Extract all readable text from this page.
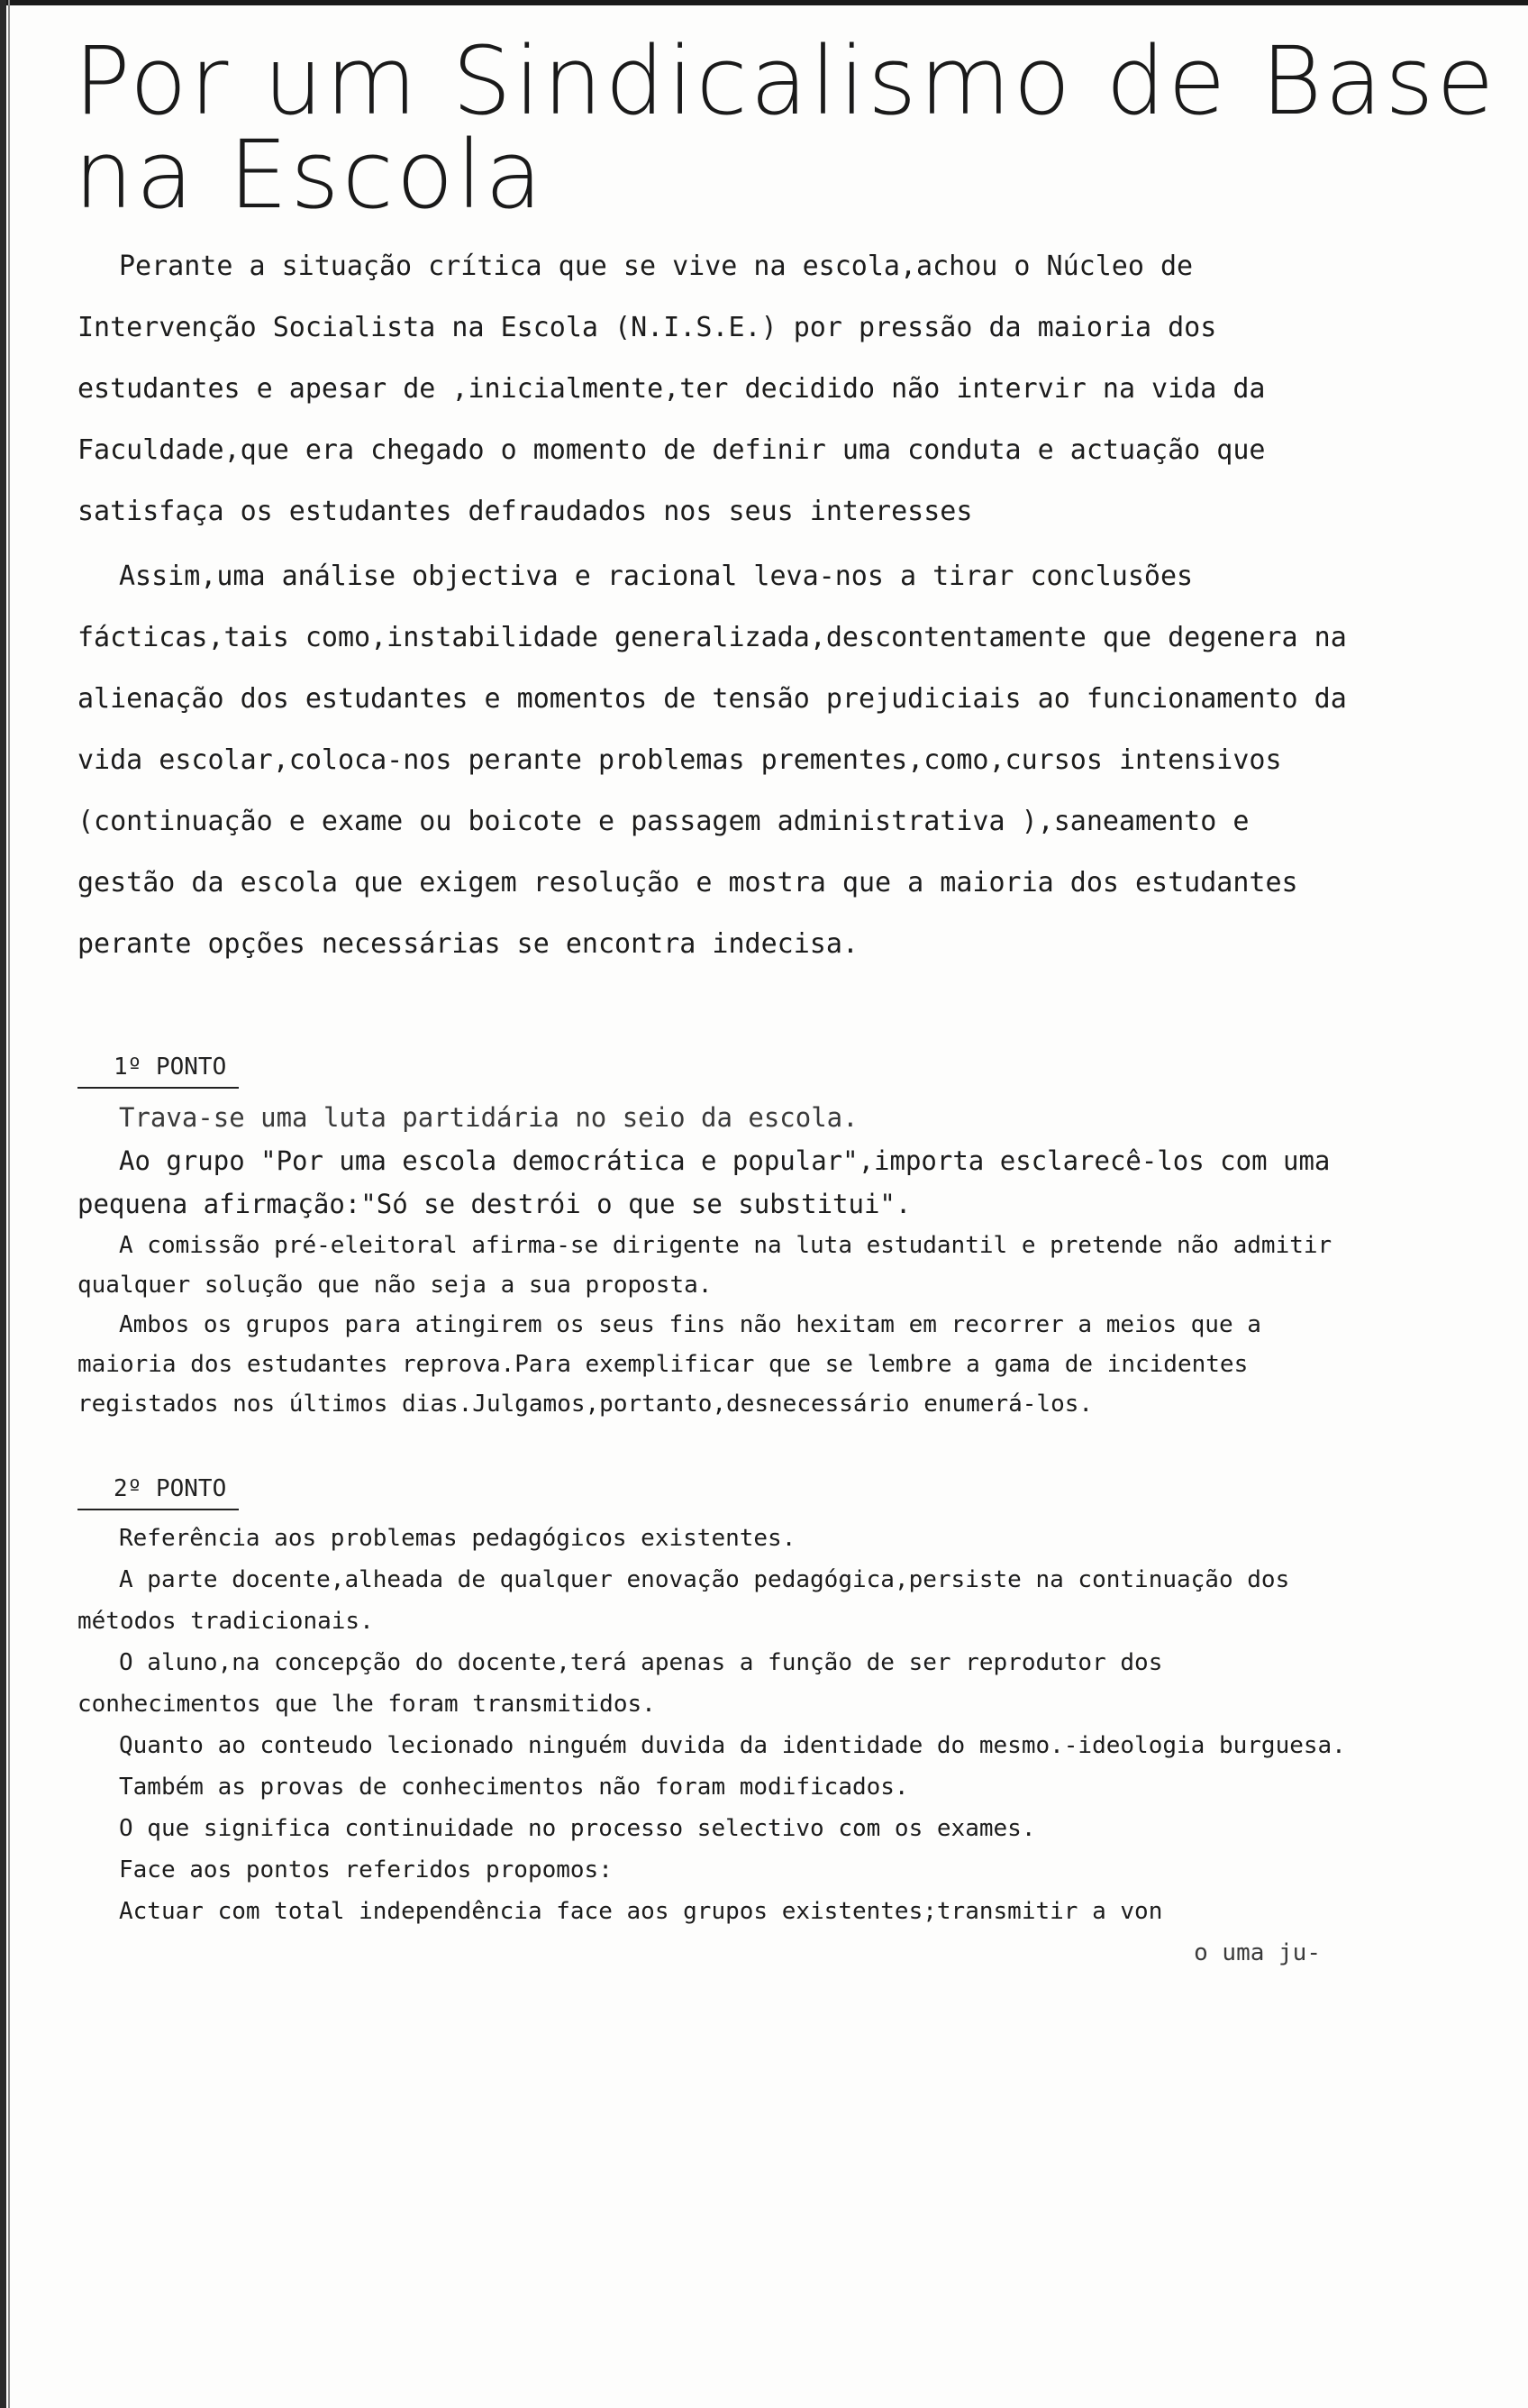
Por um Sindicalismo de Base
na Escola

Perante a situação crítica que se vive na escola,achou o Núcleo de Intervenção Socialista na Escola (N.I.S.E.) por pressão da maioria dos estudantes e apesar de ,inicialmente,ter decidido não intervir na vida da Faculdade,que era chegado o momento de definir uma conduta e actuação que satisfaça os estudantes defraudados nos seus interesses

Assim,uma análise objectiva e racional leva-nos a tirar conclusões fácticas,tais como,instabilidade generalizada,descontentamente que degenera na alienação dos estudantes e momentos de tensão prejudiciais ao funcionamento da vida escolar,coloca-nos perante problemas prementes,como,cursos intensivos (continuação e exame ou boicote e passagem administrativa ),saneamento e gestão da escola que exigem resolução e mostra que a maioria dos estudantes perante opções necessárias se encontra indecisa.

1º PONTO

Trava-se uma luta partidária no seio da escola.

Ao grupo "Por uma escola democrática e popular",importa esclarecê-los com uma pequena afirmação:"Só se destrói o que se substitui".

A comissão pré-eleitoral afirma-se dirigente na luta estudantil e pretende não admitir qualquer solução que não seja a sua proposta.

Ambos os grupos para atingirem os seus fins não hexitam em recorrer a meios que a maioria dos estudantes reprova.Para exemplificar que se lembre a gama de incidentes registados nos últimos dias.Julgamos,portanto,desnecessário enumerá-los.

2º PONTO

Referência aos problemas pedagógicos existentes.

A parte docente,alheada de qualquer enovação pedagógica,persiste na continuação dos métodos tradicionais.

O aluno,na concepção do docente,terá apenas a função de ser reprodutor dos conhecimentos que lhe foram transmitidos.

Quanto ao conteudo lecionado ninguém duvida da identidade do mesmo.-ideologia burguesa.

Também as provas de conhecimentos não foram modificados.

O que significa continuidade no processo selectivo com os exames.

Face aos pontos referidos propomos:

Actuar com total independência face aos grupos existentes;transmitir a von

o uma ju-
